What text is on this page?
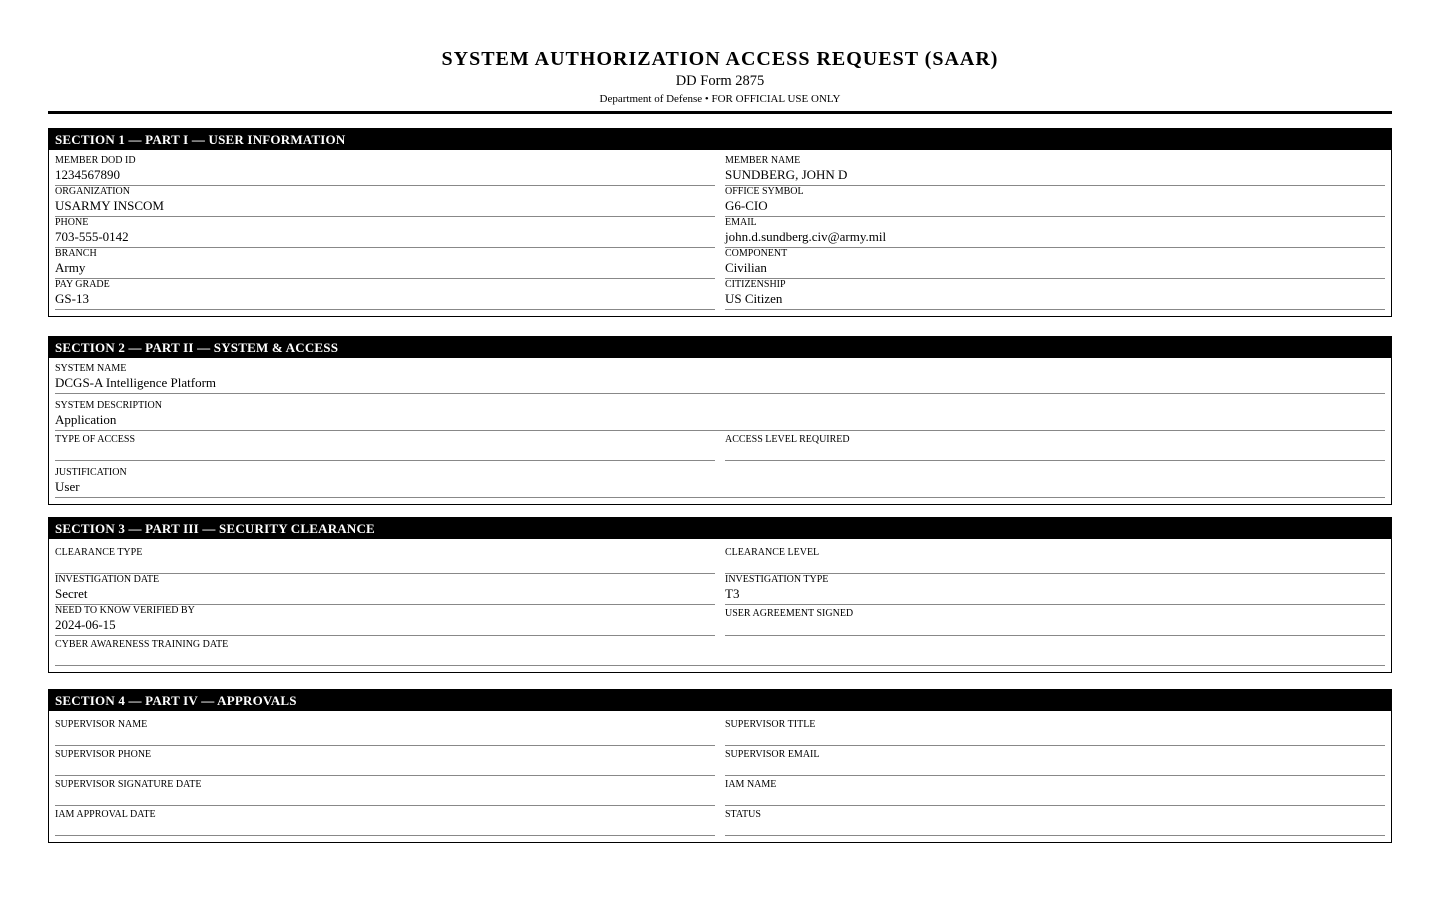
SYSTEM AUTHORIZATION ACCESS REQUEST (SAAR)
DD Form 2875
Department of Defense • FOR OFFICIAL USE ONLY
SECTION 1 — PART I — USER INFORMATION
MEMBER DOD ID
1234567890
MEMBER NAME
SUNDBERG, JOHN D
ORGANIZATION
USARMY INSCOM
OFFICE SYMBOL
G6-CIO
PHONE
703-555-0142
EMAIL
john.d.sundberg.civ@army.mil
BRANCH
Army
COMPONENT
Civilian
PAY GRADE
GS-13
CITIZENSHIP
US Citizen
SECTION 2 — PART II — SYSTEM & ACCESS
SYSTEM NAME
DCGS-A Intelligence Platform
SYSTEM DESCRIPTION
Application
TYPE OF ACCESS	ACCESS LEVEL REQUIRED
JUSTIFICATION
User
SECTION 3 — PART III — SECURITY CLEARANCE
CLEARANCE TYPE	CLEARANCE LEVEL
INVESTIGATION DATE
Secret
INVESTIGATION TYPE
T3
NEED TO KNOW VERIFIED BY
2024-06-15
USER AGREEMENT SIGNED
CYBER AWARENESS TRAINING DATE
SECTION 4 — PART IV — APPROVALS
SUPERVISOR NAME	SUPERVISOR TITLE
SUPERVISOR PHONE	SUPERVISOR EMAIL
SUPERVISOR SIGNATURE DATE	IAM NAME
IAM APPROVAL DATE	STATUS
